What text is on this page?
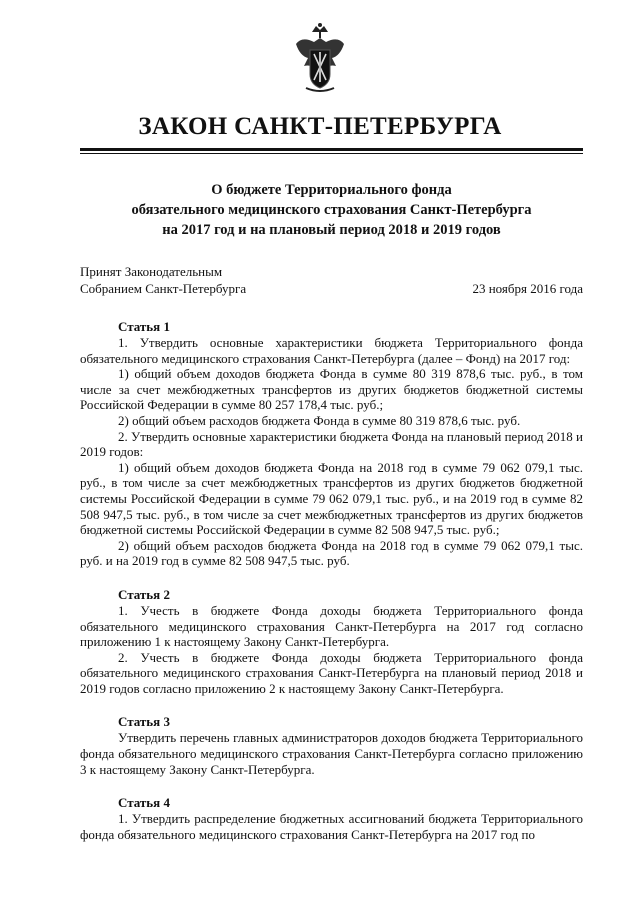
ЗАКОН САНКТ-ПЕТЕРБУРГА
О бюджете Территориального фонда
обязательного медицинского страхования Санкт-Петербурга
на 2017 год и на плановый период 2018 и 2019 годов
Принят Законодательным
Собранием Санкт-Петербурга	23 ноября 2016 года
Статья 1

1. Утвердить основные характеристики бюджета Территориального фонда обязательного медицинского страхования Санкт-Петербурга (далее – Фонд) на 2017 год:

1) общий объем доходов бюджета Фонда в сумме 80 319 878,6 тыс. руб., в том числе за счет межбюджетных трансфертов из других бюджетов бюджетной системы Российской Федерации в сумме 80 257 178,4 тыс. руб.;

2) общий объем расходов бюджета Фонда в сумме 80 319 878,6 тыс. руб.

2. Утвердить основные характеристики бюджета Фонда на плановый период 2018 и 2019 годов:

1) общий объем доходов бюджета Фонда на 2018 год в сумме 79 062 079,1 тыс. руб., в том числе за счет межбюджетных трансфертов из других бюджетов бюджетной системы Российской Федерации в сумме 79 062 079,1 тыс. руб., и на 2019 год в сумме 82 508 947,5 тыс. руб., в том числе за счет межбюджетных трансфертов из других бюджетов бюджетной системы Российской Федерации в сумме 82 508 947,5 тыс. руб.;

2) общий объем расходов бюджета Фонда на 2018 год в сумме 79 062 079,1 тыс. руб. и на 2019 год в сумме 82 508 947,5 тыс. руб.

Статья 2

1. Учесть в бюджете Фонда доходы бюджета Территориального фонда обязательного медицинского страхования Санкт-Петербурга на 2017 год согласно приложению 1 к настоящему Закону Санкт-Петербурга.

2. Учесть в бюджете Фонда доходы бюджета Территориального фонда обязательного медицинского страхования Санкт-Петербурга на плановый период 2018 и 2019 годов согласно приложению 2 к настоящему Закону Санкт-Петербурга.

Статья 3

Утвердить перечень главных администраторов доходов бюджета Территориального фонда обязательного медицинского страхования Санкт-Петербурга согласно приложению 3 к настоящему Закону Санкт-Петербурга.

Статья 4

1. Утвердить распределение бюджетных ассигнований бюджета Территориального фонда обязательного медицинского страхования Санкт-Петербурга на 2017 год по
